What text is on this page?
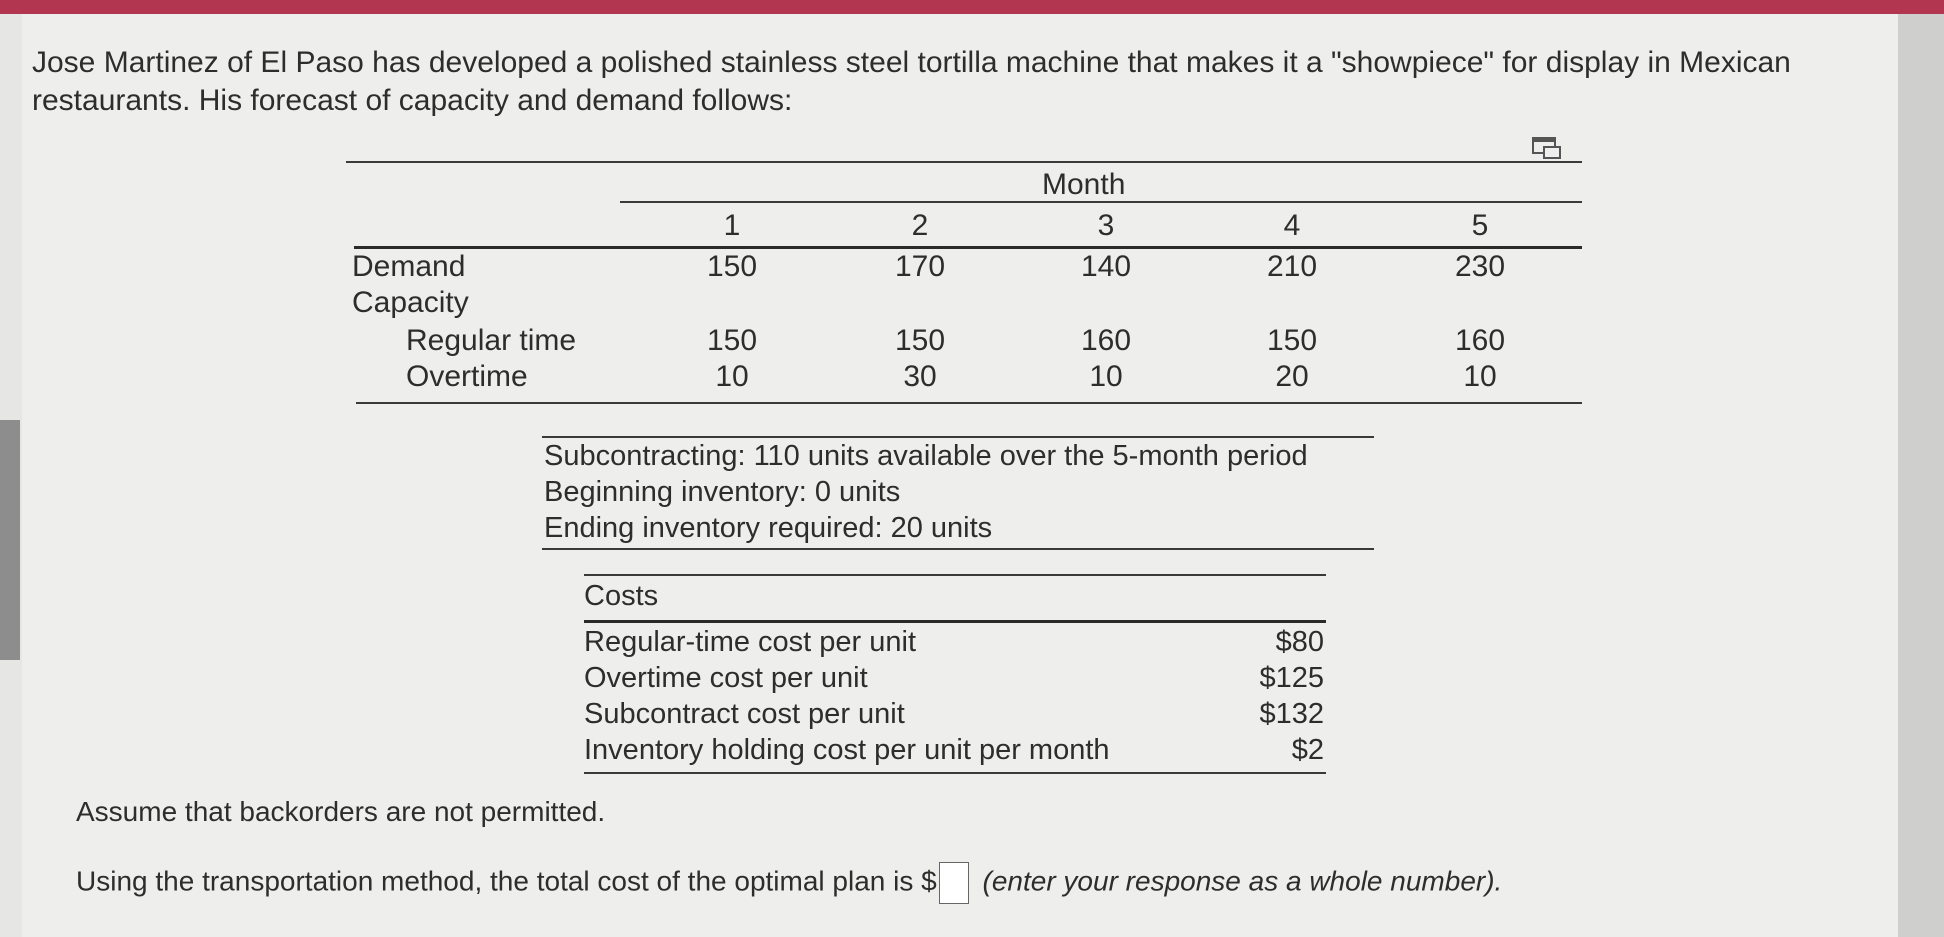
Jose Martinez of El Paso has developed a polished stainless steel tortilla machine that makes it a "showpiece" for display in Mexican restaurants. His forecast of capacity and demand follows:
Month
1	2	3	4	5
Demand	150	170	140	210	230
Capacity
Regular time	150	150	160	150	160
Overtime	10	30	10	20	10
Subcontracting: 110 units available over the 5-month period
Beginning inventory: 0 units
Ending inventory required: 20 units
Costs
Regular-time cost per unit	$80
Overtime cost per unit	$125
Subcontract cost per unit	$132
Inventory holding cost per unit per month	$2
Assume that backorders are not permitted.
Using the transportation method, the total cost of the optimal plan is $ (enter your response as a whole number).
